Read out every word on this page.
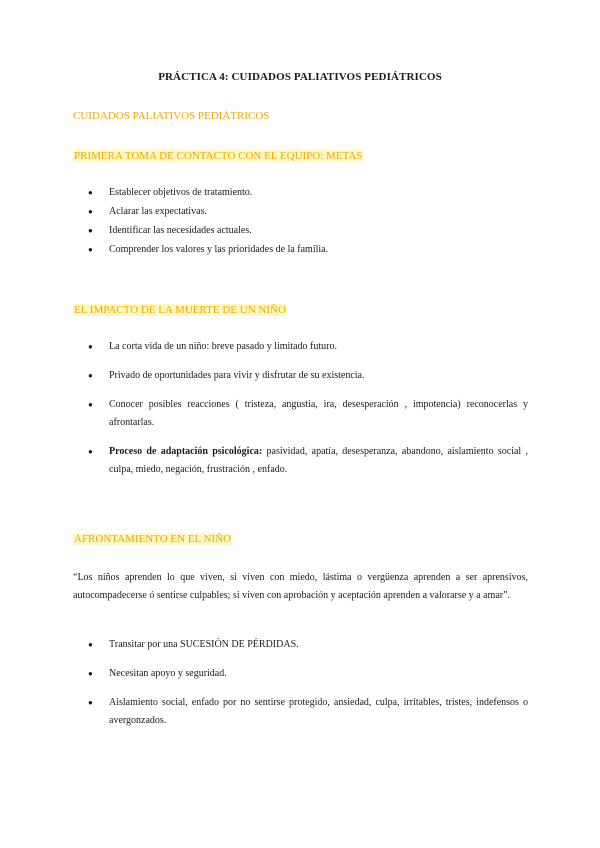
PRÁCTICA 4: CUIDADOS PALIATIVOS PEDIÁTRICOS
CUIDADOS PALIATIVOS PEDIÁTRICOS
PRIMERA TOMA DE CONTACTO CON EL EQUIPO: METAS
● Establecer objetivos de tratamiento.
● Aclarar las expectativas.
● Identificar las necesidades actuales.
● Comprender los valores y las prioridades de la familia.
EL IMPACTO DE LA MUERTE DE UN NIÑO
● La corta vida de un niño: breve pasado y limitado futuro.
● Privado de oportunidades para vivir y disfrutar de su existencia.
● Conocer posibles reacciones ( tristeza, angustia, ira, desesperación , impotencia) reconocerlas y afrontarlas.
● Proceso de adaptación psicológica: pasividad, apatía, desesperanza, abandono, aislamiento social , culpa, miedo, negación, frustración , enfado.
AFRONTAMIENTO EN EL NIÑO
“Los niños aprenden lo que viven, si viven con miedo, lástima o vergüenza aprenden a ser aprensivos, autocompadecerse ó sentirse culpables; si viven con aprobación y aceptación aprenden a valorarse y a amar”.
● Transitar por una SUCESIÓN DE PÉRDIDAS.
● Necesitan apoyo y seguridad.
● Aislamiento social, enfado por no sentirse protegido, ansiedad, culpa, irritables, tristes, indefensos o avergonzados.
